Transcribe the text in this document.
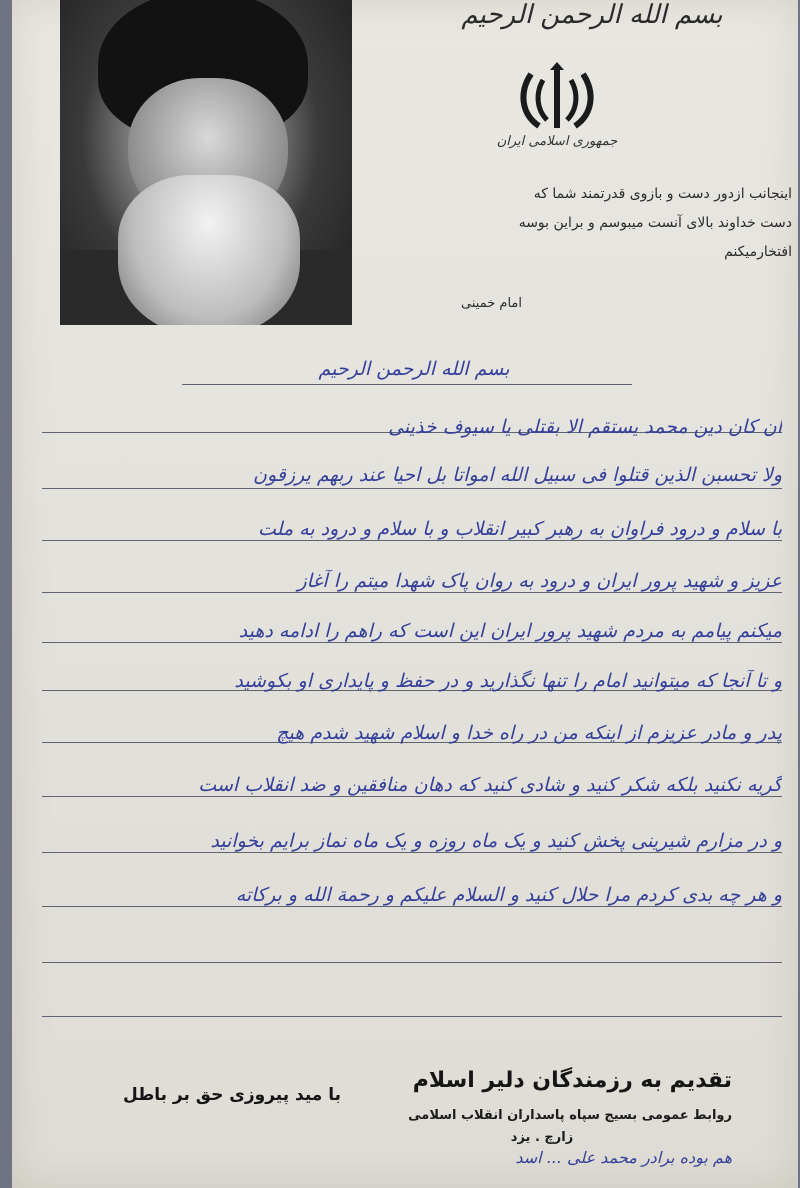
بسم الله الرحمن الرحیم
جمهوری اسلامی ایران
اینجانب ازدور دست و بازوی قدرتمند شما که
دست خداوند بالای آنست میبوسم و براین بوسه
افتخارمیکنم
امام خمینی
بسم الله الرحمن الرحیم
ان کان دین محمد یستقم الا بقتلی یا سیوف خذینی
ولا تحسبن الذین قتلوا فی سبیل الله امواتا بل احیا عند ربهم یرزقون
با سلام و درود فراوان به رهبر کبیر انقلاب و با سلام و درود به ملت
عزیز و شهید پرور ایران و درود به روان پاک شهدا میتم را آغاز
میکنم پیامم به مردم شهید پرور ایران این است که راهم را ادامه دهید
و تا آنجا که میتوانید امام را تنها نگذارید و در حفظ و پایداری او بکوشید
پدر و مادر عزیزم از اینکه من در راه خدا و اسلام شهید شدم هیچ
گریه نکنید بلکه شکر کنید و شادی کنید که دهان منافقین و ضد انقلاب است
و در مزارم شیرینی پخش کنید و یک ماه روزه و یک ماه نماز برایم بخوانید
و هر چه بدی کردم مرا حلال کنید و السلام علیکم و رحمة الله و برکاته
تقدیم به رزمندگان دلیر اسلام
روابط عمومی بسیج سپاه پاسداران انقلاب اسلامی
زارچ . یزد
هم بوده برادر محمد علی ... اسد
با مید پیروزی حق بر باطل
